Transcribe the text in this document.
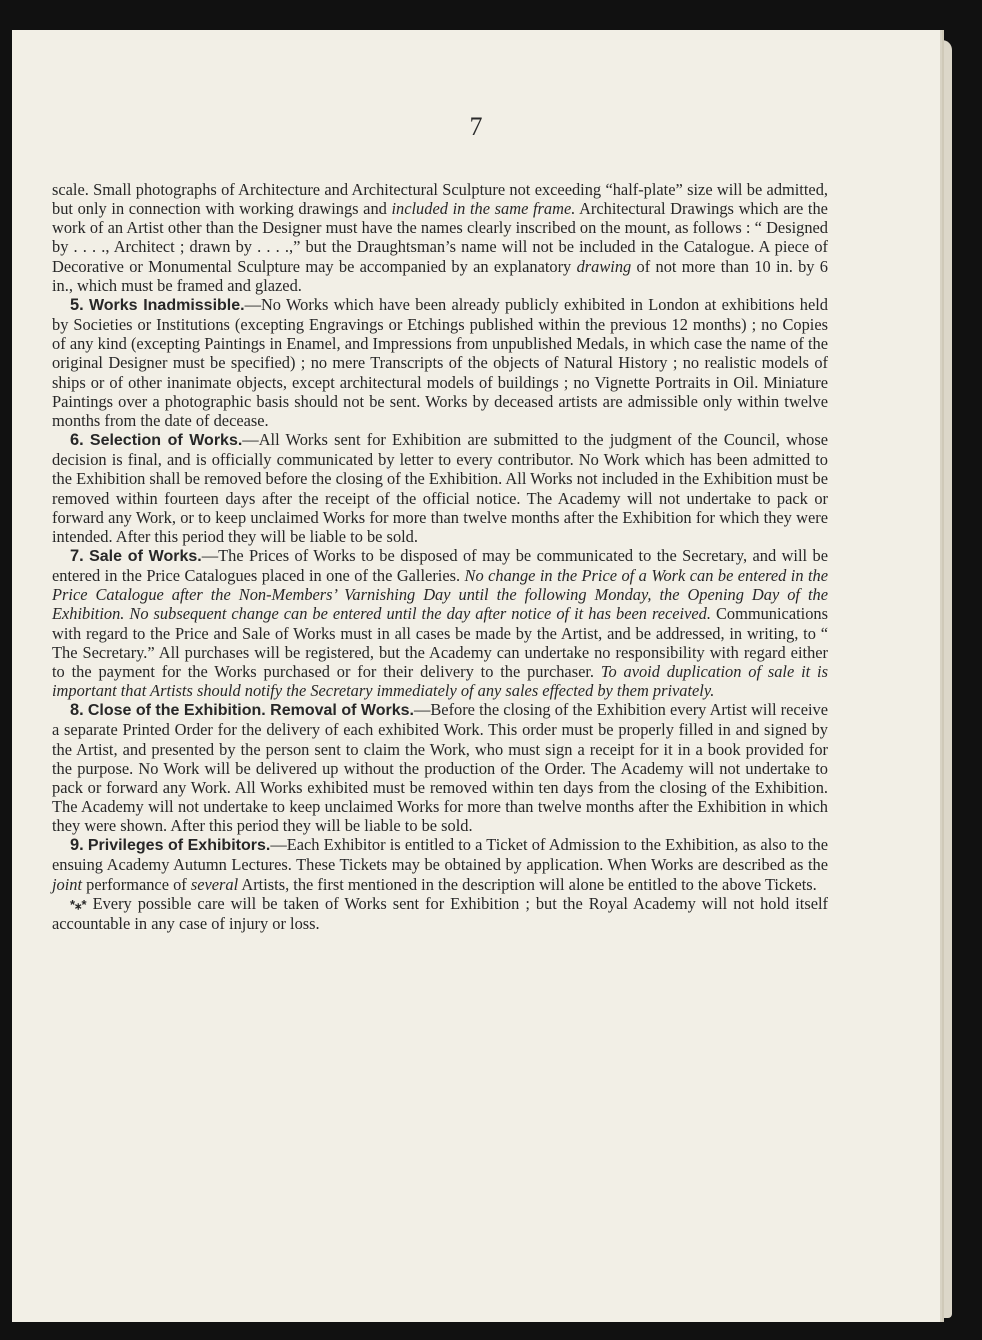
7

scale. Small photographs of Architecture and Architectural Sculpture not exceeding “half-plate” size will be admitted, but only in connection with working drawings and included in the same frame. Architectural Drawings which are the work of an Artist other than the Designer must have the names clearly inscribed on the mount, as follows : “ Designed by . . . ., Architect ; drawn by . . . .,” but the Draughtsman’s name will not be included in the Catalogue. A piece of Decorative or Monumental Sculpture may be accompanied by an explanatory drawing of not more than 10 in. by 6 in., which must be framed and glazed.

5. Works Inadmissible.—No Works which have been already publicly exhibited in London at exhibitions held by Societies or Institutions (excepting Engravings or Etchings published within the previous 12 months) ; no Copies of any kind (excepting Paintings in Enamel, and Impressions from unpublished Medals, in which case the name of the original Designer must be specified) ; no mere Transcripts of the objects of Natural History ; no realistic models of ships or of other inanimate objects, except architectural models of buildings ; no Vignette Portraits in Oil. Miniature Paintings over a photographic basis should not be sent. Works by deceased artists are admissible only within twelve months from the date of decease.

6. Selection of Works.—All Works sent for Exhibition are submitted to the judgment of the Council, whose decision is final, and is officially communicated by letter to every contributor. No Work which has been admitted to the Exhibition shall be removed before the closing of the Exhibition. All Works not included in the Exhibition must be removed within fourteen days after the receipt of the official notice. The Academy will not undertake to pack or forward any Work, or to keep unclaimed Works for more than twelve months after the Exhibition for which they were intended. After this period they will be liable to be sold.

7. Sale of Works.—The Prices of Works to be disposed of may be communicated to the Secretary, and will be entered in the Price Catalogues placed in one of the Galleries. No change in the Price of a Work can be entered in the Price Catalogue after the Non-Members’ Varnishing Day until the following Monday, the Opening Day of the Exhibition. No subsequent change can be entered until the day after notice of it has been received. Communications with regard to the Price and Sale of Works must in all cases be made by the Artist, and be addressed, in writing, to “ The Secretary.” All purchases will be registered, but the Academy can undertake no responsibility with regard either to the payment for the Works purchased or for their delivery to the purchaser. To avoid duplication of sale it is important that Artists should notify the Secretary immediately of any sales effected by them privately.

8. Close of the Exhibition. Removal of Works.—Before the closing of the Exhibition every Artist will receive a separate Printed Order for the delivery of each exhibited Work. This order must be properly filled in and signed by the Artist, and presented by the person sent to claim the Work, who must sign a receipt for it in a book provided for the purpose. No Work will be delivered up without the production of the Order. The Academy will not undertake to pack or forward any Work. All Works exhibited must be removed within ten days from the closing of the Exhibition. The Academy will not undertake to keep unclaimed Works for more than twelve months after the Exhibition in which they were shown. After this period they will be liable to be sold.

9. Privileges of Exhibitors.—Each Exhibitor is entitled to a Ticket of Admission to the Exhibition, as also to the ensuing Academy Autumn Lectures. These Tickets may be obtained by application. When Works are described as the joint performance of several Artists, the first mentioned in the description will alone be entitled to the above Tickets.

*⁎* Every possible care will be taken of Works sent for Exhibition ; but the Royal Academy will not hold itself accountable in any case of injury or loss.
